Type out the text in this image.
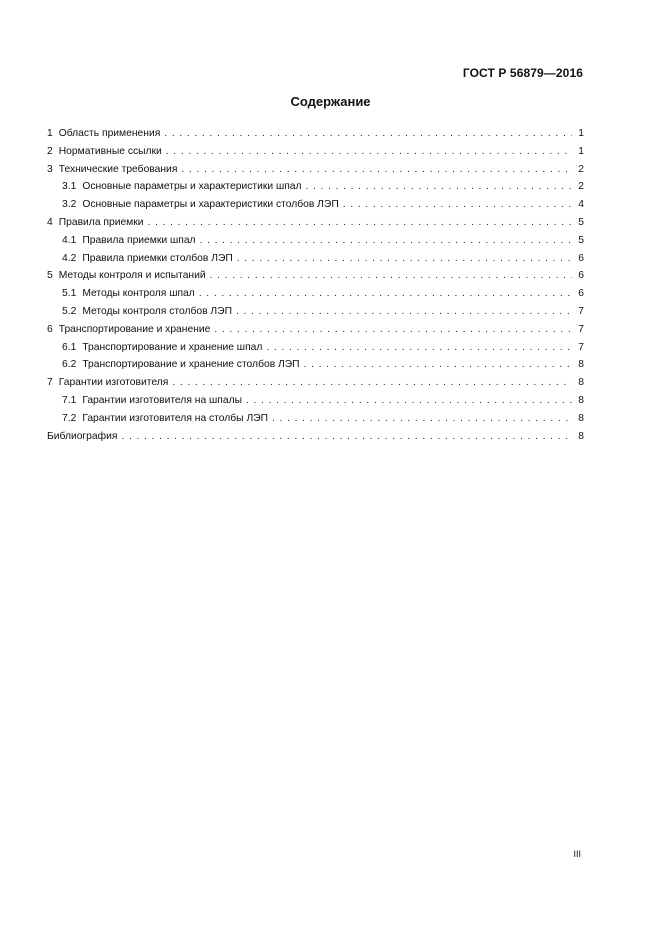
ГОСТ Р 56879—2016
Содержание
1 Область применения . . .	1
2 Нормативные ссылки . . .	1
3 Технические требования . . .	2
3.1 Основные параметры и характеристики шпал . . .	2
3.2 Основные параметры и характеристики столбов ЛЭП . . .	4
4 Правила приемки . . .	5
4.1 Правила приемки шпал . . .	5
4.2 Правила приемки столбов ЛЭП . . .	6
5 Методы контроля и испытаний . . .	6
5.1 Методы контроля шпал . . .	6
5.2 Методы контроля столбов ЛЭП . . .	7
6 Транспортирование и хранение . . .	7
6.1 Транспортирование и хранение шпал . . .	7
6.2 Транспортирование и хранение столбов ЛЭП . . .	8
7 Гарантии изготовителя . . .	8
7.1 Гарантии изготовителя на шпалы . . .	8
7.2 Гарантии изготовителя на столбы ЛЭП . . .	8
Библиография . . .	8
III
